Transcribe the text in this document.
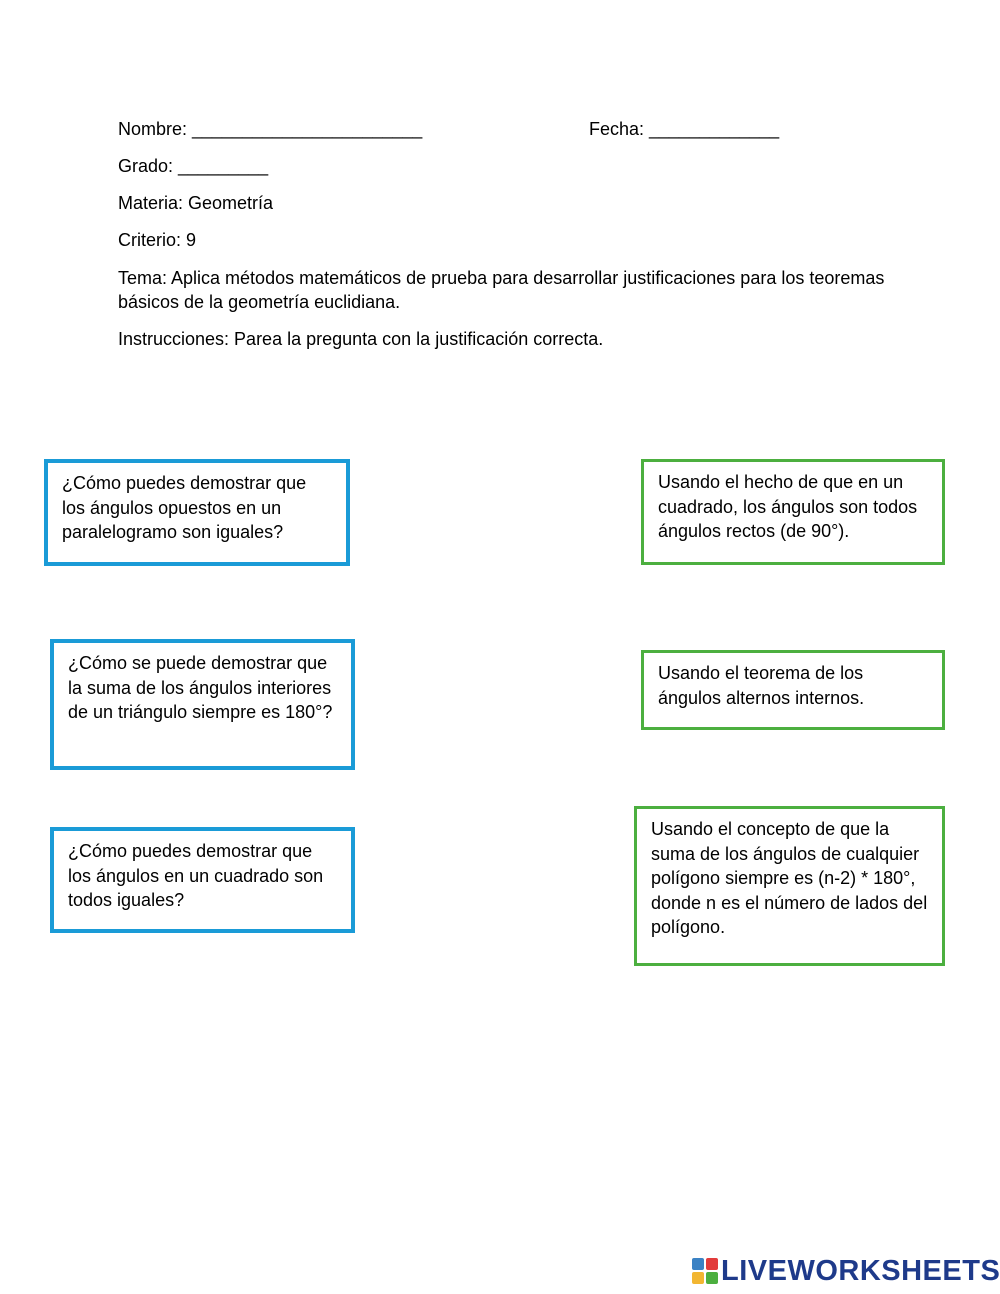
Nombre: _______________________	Fecha: _____________
Grado: _________
Materia: Geometría
Criterio: 9
Tema: Aplica métodos matemáticos de prueba para desarrollar justificaciones para los teoremas básicos de la geometría euclidiana.
Instrucciones: Parea la pregunta con la justificación correcta.
¿Cómo puedes demostrar que los ángulos opuestos en un paralelogramo son iguales?
¿Cómo se puede demostrar que la suma de los ángulos interiores de un triángulo siempre es 180°?
¿Cómo puedes demostrar que los ángulos en un cuadrado son todos iguales?
Usando el hecho de que en un cuadrado, los ángulos son todos ángulos rectos (de 90°).
Usando el teorema de los ángulos alternos internos.
Usando el concepto de que la suma de los ángulos de cualquier polígono siempre es (n-2) * 180°, donde n es el número de lados del polígono.
LIVEWORKSHEETS
